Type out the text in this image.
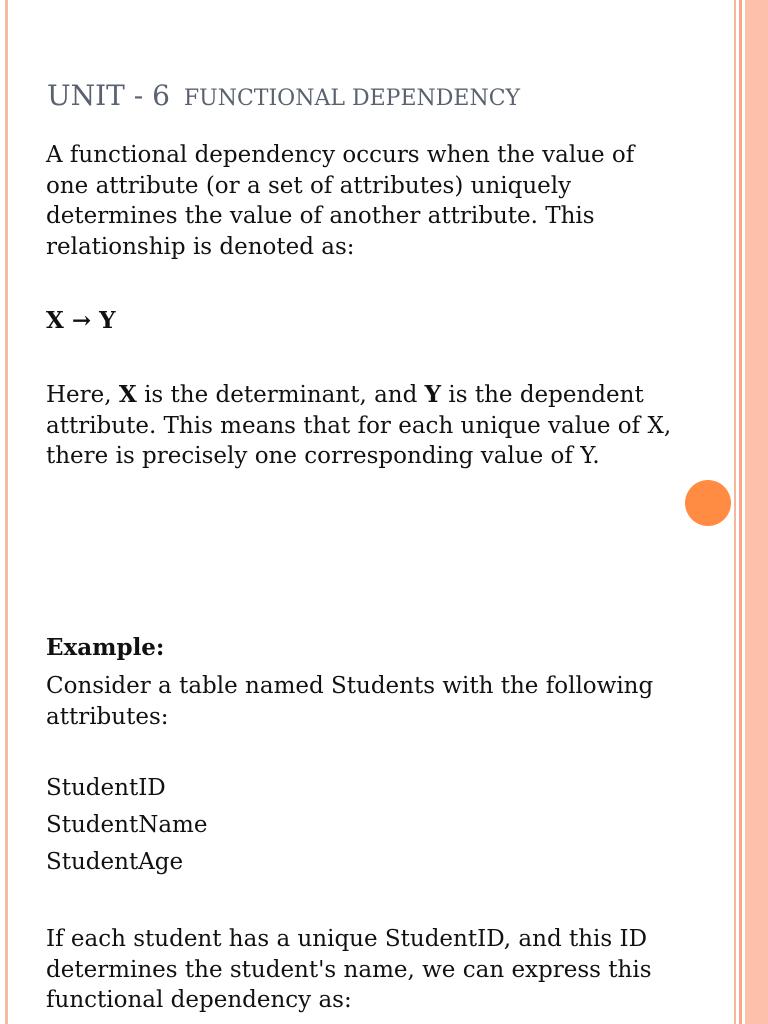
UNIT - 6 FUNCTIONAL DEPENDENCY

A functional dependency occurs when the value of one attribute (or a set of attributes) uniquely determines the value of another attribute. This relationship is denoted as:

X → Y

Here, X is the determinant, and Y is the dependent attribute. This means that for each unique value of X, there is precisely one corresponding value of Y.

Example:

Consider a table named Students with the following attributes:

StudentID

StudentName

StudentAge

If each student has a unique StudentID, and this ID determines the student's name, we can express this functional dependency as:
